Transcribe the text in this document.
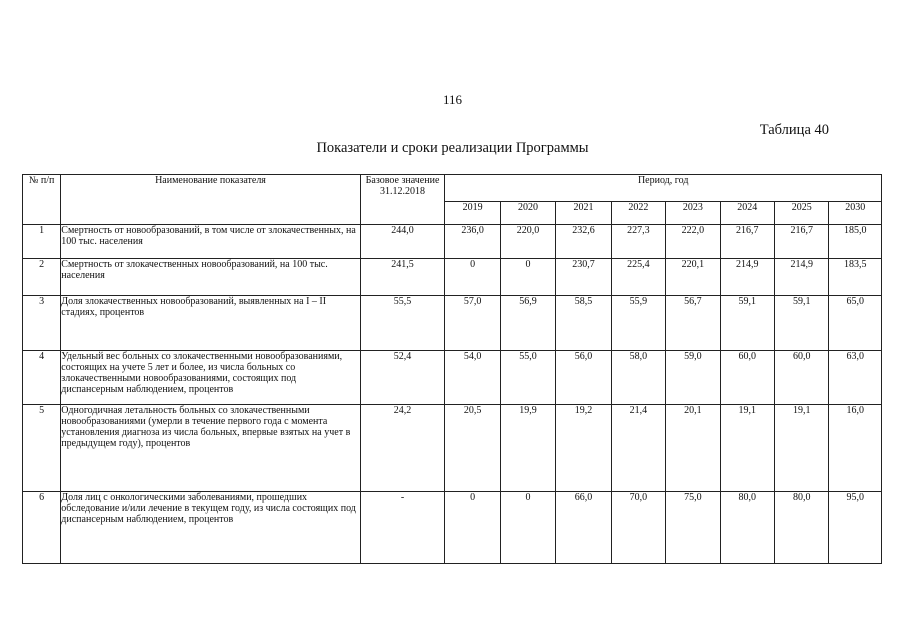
116
Таблица 40
Показатели и сроки реализации Программы
№ п/п	Наименование показателя	Базовое значение 31.12.2018	Период, год							
			2019	2020	2021	2022	2023	2024	2025	2030
1	Смертность от новообразований, в том числе от злокачественных, на 100 тыс. населения	244,0	236,0	220,0	232,6	227,3	222,0	216,7	216,7	185,0
2	Смертность от злокачественных новообразований, на 100 тыс. населения	241,5	0	0	230,7	225,4	220,1	214,9	214,9	183,5
3	Доля злокачественных новообразований, выявленных на I – II стадиях, процентов	55,5	57,0	56,9	58,5	55,9	56,7	59,1	59,1	65,0
4	Удельный вес больных со злокачественными новообразованиями, состоящих на учете 5 лет и более, из числа больных со злокачественными новообразованиями, состоящих под диспансерным наблюдением, процентов	52,4	54,0	55,0	56,0	58,0	59,0	60,0	60,0	63,0
5	Одногодичная летальность больных со злокачественными новообразованиями (умерли в течение первого года с момента установления диагноза из числа больных, впервые взятых на учет в предыдущем году), процентов	24,2	20,5	19,9	19,2	21,4	20,1	19,1	19,1	16,0
6	Доля лиц с онкологическими заболеваниями, прошедших обследование и/или лечение в текущем году, из числа состоящих под диспансерным наблюдением, процентов	-	0	0	66,0	70,0	75,0	80,0	80,0	95,0
